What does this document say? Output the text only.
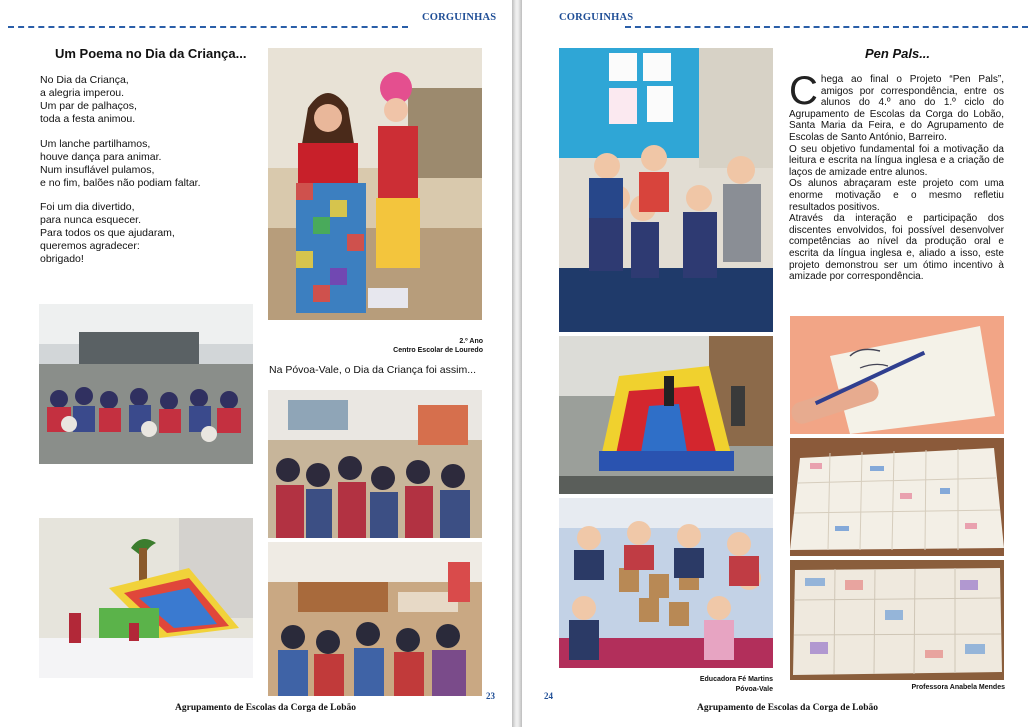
CORGUINHAS
Um Poema no Dia da Criança...
No Dia da Criança,
a alegria imperou.
Um par de palhaços,
toda a festa animou.
Um lanche partilhamos,
houve dança para animar.
Num insuflável pulamos,
e no fim, balões não podiam faltar.
Foi um dia divertido,
para nunca esquecer.
Para todos os que ajudaram,
queremos agradecer:
obrigado!
2.º Ano
Centro Escolar de Louredo
Na Póvoa-Vale, o Dia da Criança foi assim...
23
Agrupamento de Escolas da Corga de Lobão
CORGUINHAS
Pen Pals...

Chega ao final o Projeto “Pen Pals”, amigos por correspondência, entre os alunos do 4.º ano do 1.º ciclo do Agrupamento de Escolas da Corga do Lobão, Santa Maria da Feira, e do Agrupamento de Escolas de Santo António, Barreiro.

O seu objetivo fundamental foi a motivação da leitura e escrita na língua inglesa e a criação de laços de amizade entre alunos.

Os alunos abraçaram este projeto com uma enorme motivação e o mesmo refletiu resultados positivos.

Através da interação e participação dos discentes envolvidos, foi possível desenvolver competências ao nível da produção oral e escrita da língua inglesa e, aliado a isso, este projeto demonstrou ser um ótimo incentivo à amizade por correspondência.

Educadora Fé Martins
Póvoa-Vale	Professora Anabela Mendes
24
Agrupamento de Escolas da Corga de Lobão
